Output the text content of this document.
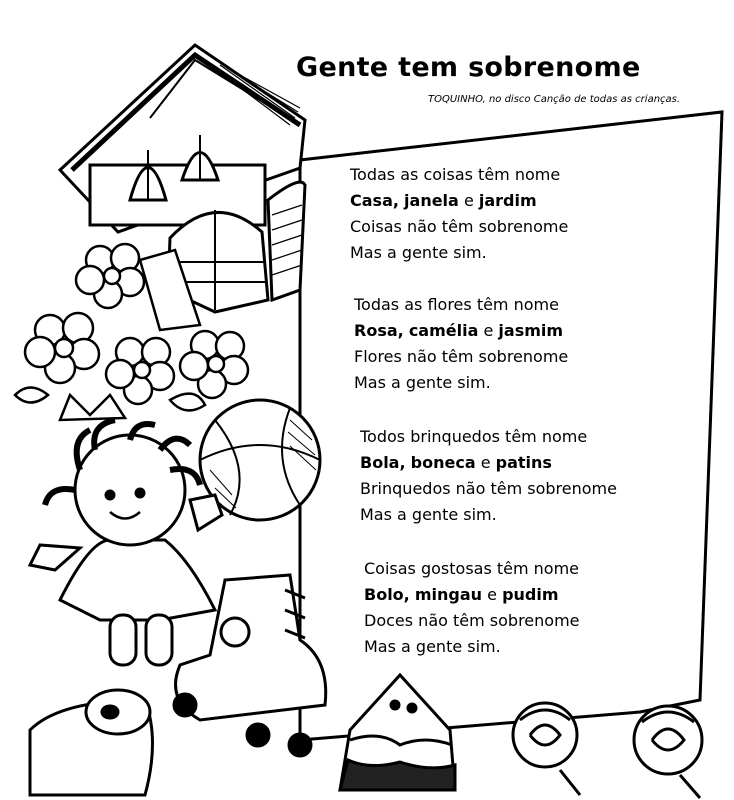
Gente tem sobrenome
TOQUINHO, no disco Canção de todas as crianças.
Todas as coisas têm nome
Casa, janela e jardim
Coisas não têm sobrenome
Mas a gente sim.
Todas as flores têm nome
Rosa, camélia e jasmim
Flores não têm sobrenome
Mas a gente sim.
Todos brinquedos têm nome
Bola, boneca e patins
Brinquedos não têm sobrenome
Mas a gente sim.
Coisas gostosas têm nome
Bolo, mingau e pudim
Doces não têm sobrenome
Mas a gente sim.
